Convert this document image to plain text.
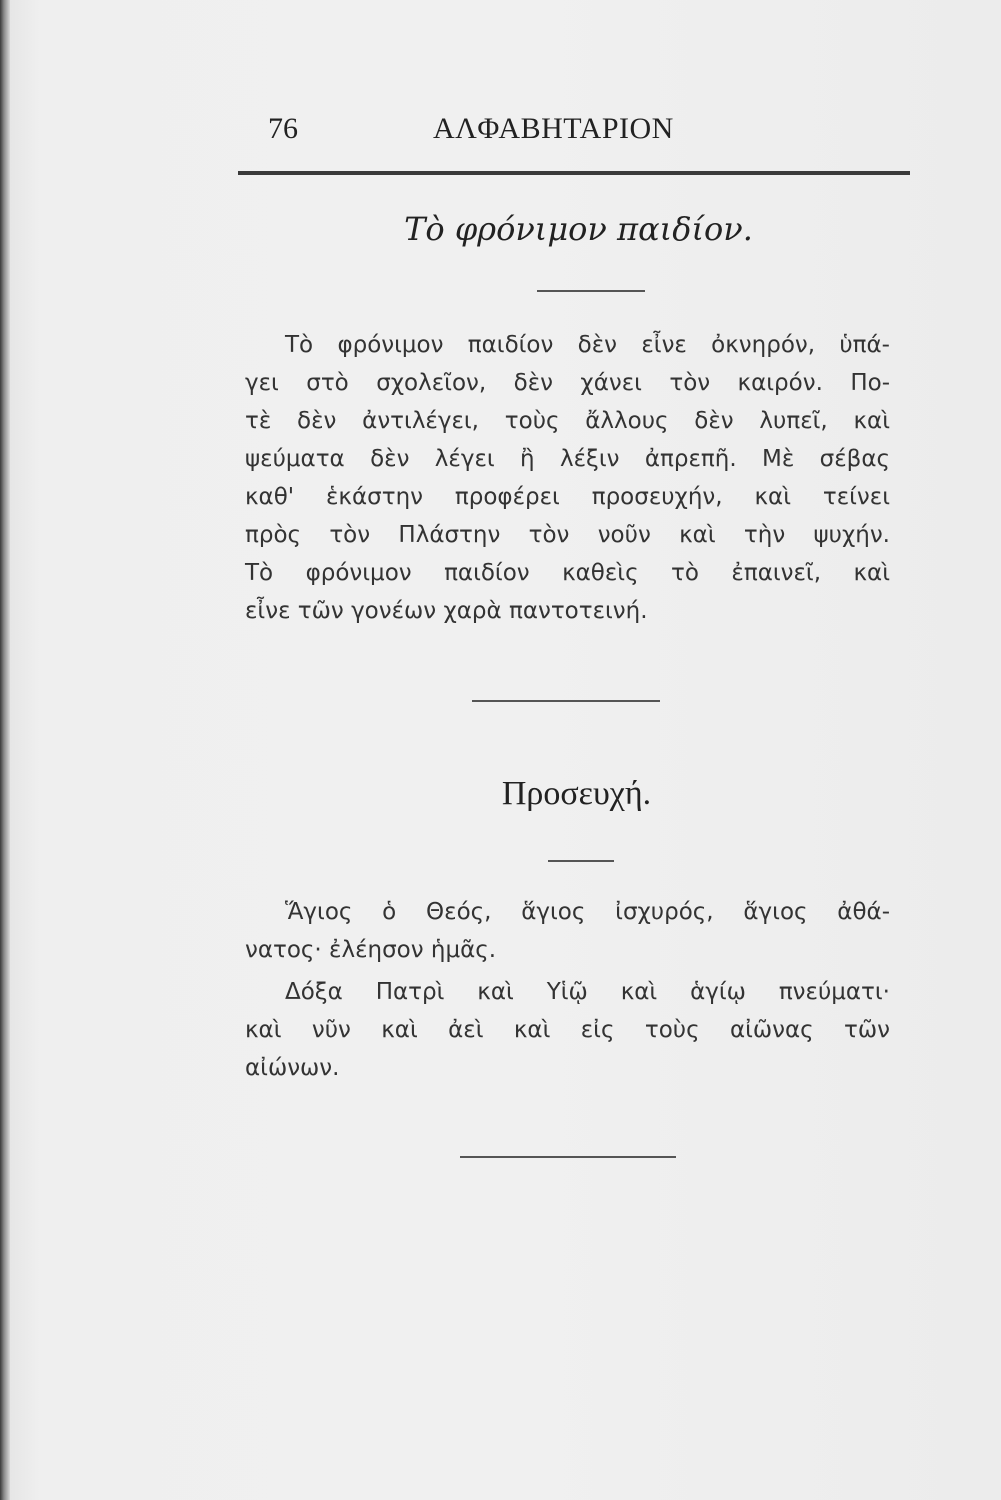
76	ΑΛΦΑΒΗΤΑΡΙΟΝ
Τὸ φρόνιμον παιδίον.
Τὸ φρόνιμον παιδίον δὲν εἶνε ὀκνηρόν, ὑπά-
γει στὸ σχολεῖον, δὲν χάνει τὸν καιρόν. Πο-
τὲ δὲν ἀντιλέγει, τοὺς ἄλλους δὲν λυπεῖ, καὶ
ψεύματα δὲν λέγει ἢ λέξιν ἀπρεπῆ. Μὲ σέβας
καθ' ἑκάστην προφέρει προσευχήν, καὶ τείνει
πρὸς τὸν Πλάστην τὸν νοῦν καὶ τὴν ψυχήν.
Τὸ φρόνιμον παιδίον καθεὶς τὸ ἐπαινεῖ, καὶ
εἶνε τῶν γονέων χαρὰ παντοτεινή.
Προσευχή.
Ἅγιος ὁ Θεός, ἅγιος ἰσχυρός, ἅγιος ἀθά-
νατος· ἐλέησον ἡμᾶς.
Δόξα Πατρὶ καὶ Υἱῷ καὶ ἁγίῳ πνεύματι·
καὶ νῦν καὶ ἀεὶ καὶ εἰς τοὺς αἰῶνας τῶν
αἰώνων.
